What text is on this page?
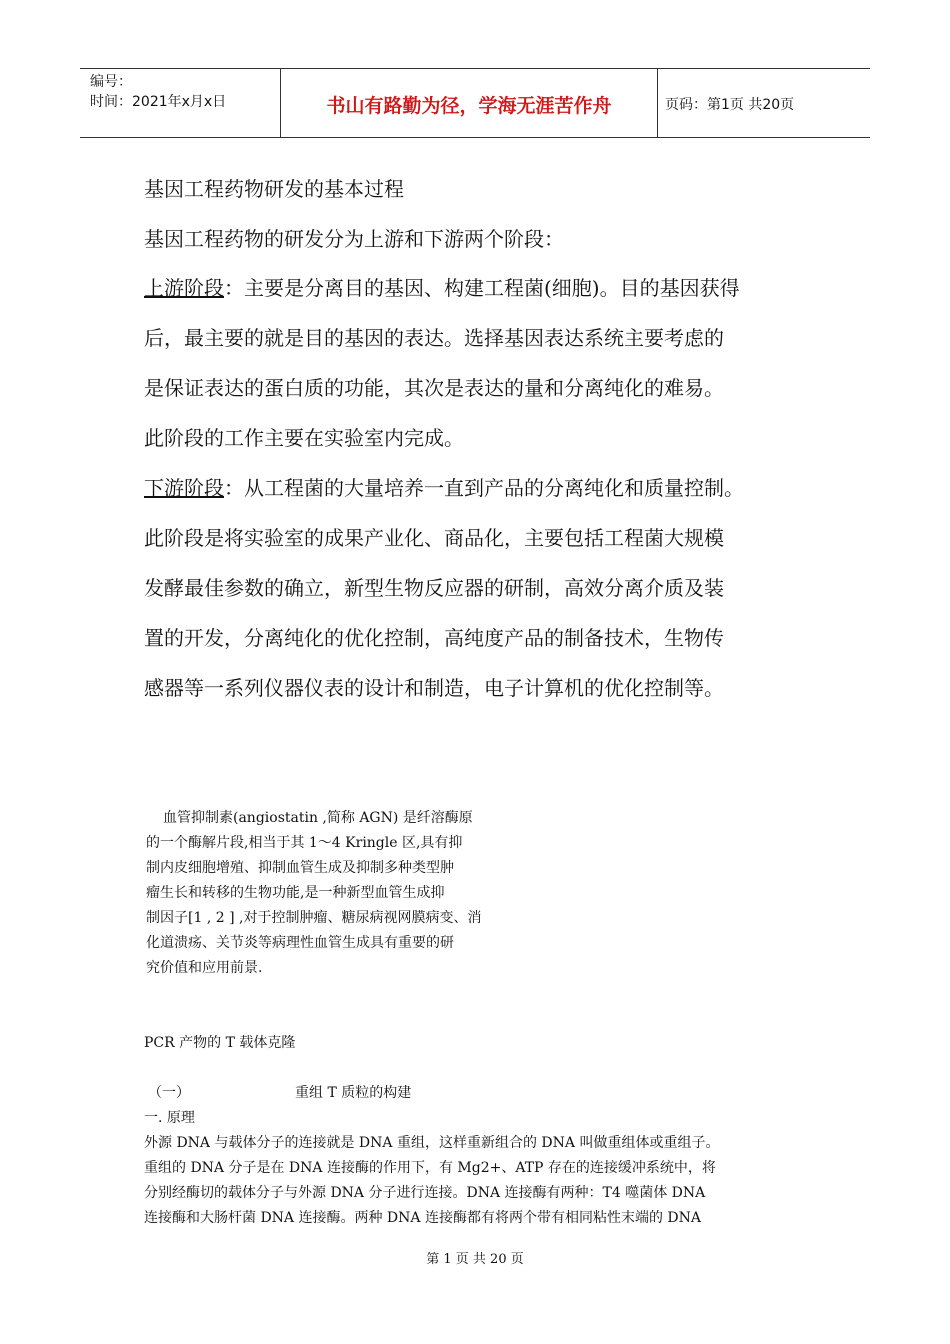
编号：
时间：2021年x月x日	书山有路勤为径，学海无涯苦作舟	页码：第1页 共20页
基因工程药物研发的基本过程
基因工程药物的研发分为上游和下游两个阶段：
上游阶段：主要是分离目的基因、构建工程菌(细胞)。目的基因获得
后，最主要的就是目的基因的表达。选择基因表达系统主要考虑的
是保证表达的蛋白质的功能，其次是表达的量和分离纯化的难易。
此阶段的工作主要在实验室内完成。
下游阶段：从工程菌的大量培养一直到产品的分离纯化和质量控制。
此阶段是将实验室的成果产业化、商品化，主要包括工程菌大规模
发酵最佳参数的确立，新型生物反应器的研制，高效分离介质及装
置的开发，分离纯化的优化控制，高纯度产品的制备技术，生物传
感器等一系列仪器仪表的设计和制造，电子计算机的优化控制等。
血管抑制素(angiostatin ,简称 AGN) 是纤溶酶原
的一个酶解片段,相当于其 1～4 Kringle 区,具有抑
制内皮细胞增殖、抑制血管生成及抑制多种类型肿
瘤生长和转移的生物功能,是一种新型血管生成抑
制因子[1 , 2 ] ,对于控制肿瘤、糖尿病视网膜病变、消
化道溃疡、关节炎等病理性血管生成具有重要的研
究价值和应用前景.
PCR 产物的 T 载体克隆
（一）	重组 T 质粒的构建
一. 原理
外源 DNA 与载体分子的连接就是 DNA 重组，这样重新组合的 DNA 叫做重组体或重组子。
重组的 DNA 分子是在 DNA 连接酶的作用下，有 Mg2+、ATP 存在的连接缓冲系统中，将
分别经酶切的载体分子与外源 DNA 分子进行连接。DNA 连接酶有两种：T4 噬菌体 DNA
连接酶和大肠杆菌 DNA 连接酶。两种 DNA 连接酶都有将两个带有相同粘性末端的 DNA
第 1 页 共 20 页
